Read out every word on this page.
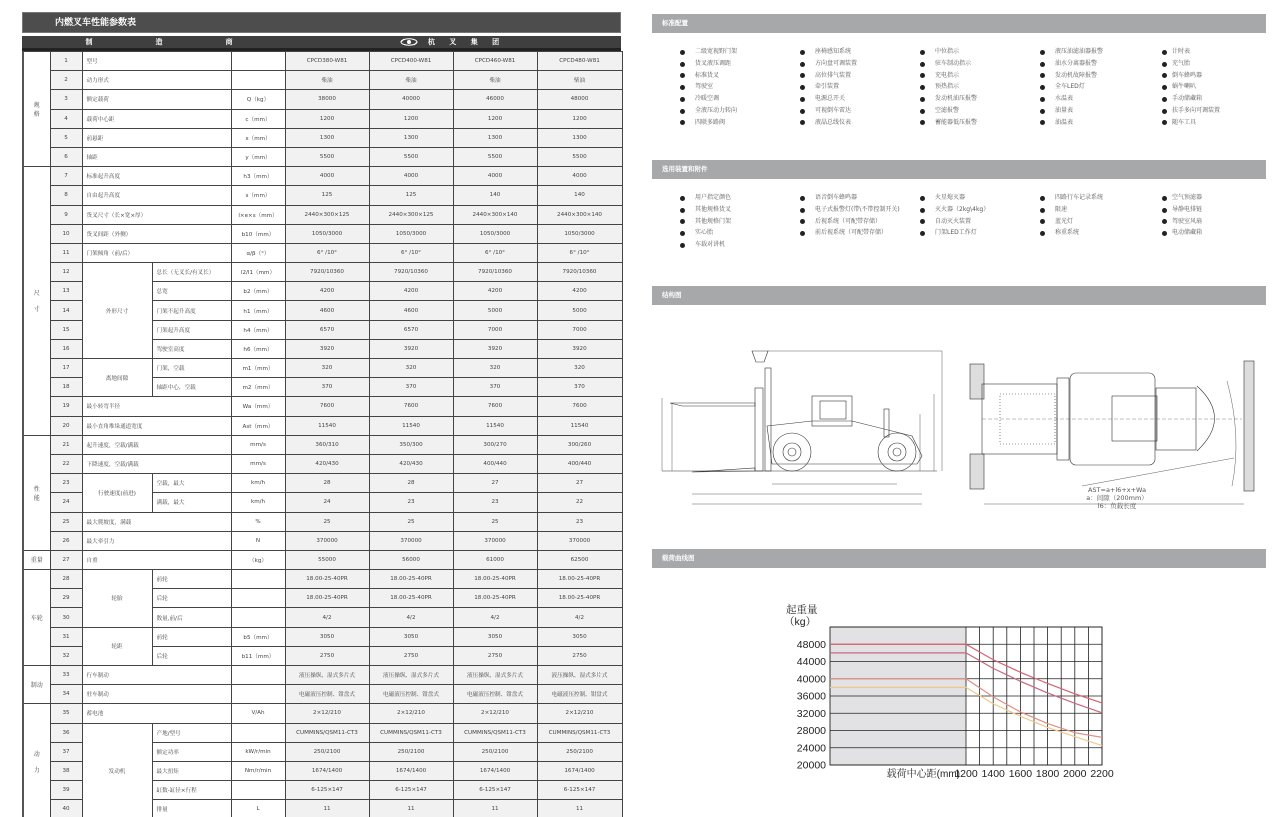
内燃叉车性能参数表
制　造　商	杭 叉 集 团
规
格	1	型号			CPCD380-W81	CPCD400-W81	CPCD460-W81	CPCD480-W81
	2	动力形式			柴油	柴油	柴油	柴油
	3	额定载荷		Q（kg）	38000	40000	46000	48000
	4	载荷中心距		c（mm）	1200	1200	1200	1200
	5	前悬距		x（mm）	1300	1300	1300	1300
	6	轴距		y（mm）	5500	5500	5500	5500
尺

寸	7	标准起升高度		h3（mm）	4000	4000	4000	4000
	8	自由起升高度		s（mm）	125	125	140	140
	9	货叉尺寸（长×宽×厚）		l×e×s（mm）	2440×300×125	2440×300×125	2440×300×140	2440×300×140
	10	货叉间距（外侧）		b10（mm）	1050/3000	1050/3000	1050/3000	1050/3000
	11	门架倾角（前/后）		α/β（°）	6° /10°	6° /10°	6° /10°	6° /10°
	12	外形尺寸	总长（无叉长/有叉长）	l2/l1（mm）	7920/10360	7920/10360	7920/10360	7920/10360
	13		总宽	b2（mm）	4200	4200	4200	4200
	14		门架不起升高度	h1（mm）	4600	4600	5000	5000
	15		门架起升高度	h4（mm）	6570	6570	7000	7000
	16		驾驶室高度	h6（mm）	3920	3920	3920	3920
	17	离地间隙	门架，空载	m1（mm）	320	320	320	320
	18		轴距中心，空载	m2（mm）	370	370	370	370
	19	最小转弯半径		Wa（mm）	7600	7600	7600	7600
	20	最小直角堆垛通道宽度		Ast（mm）	11540	11540	11540	11540
性
能	21	起升速度，空载/满载		mm/s	360/310	350/300	300/270	300/260
	22	下降速度，空载/满载		mm/s	420/430	420/430	400/440	400/440
	23	行驶速度(前进)	空载，最大	km/h	28	28	27	27
	24		满载，最大	km/h	24	23	23	22
	25	最大爬坡度，满载		%	25	25	25	23
	26	最大牵引力		N	370000	370000	370000	370000
重量	27	自重		（kg）	55000	56000	61000	62500
车轮	28	轮胎	前轮		18.00-25-40PR	18.00-25-40PR	18.00-25-40PR	18.00-25-40PR
	29		后轮		18.00-25-40PR	18.00-25-40PR	18.00-25-40PR	18.00-25-40PR
	30		数量,前/后		4/2	4/2	4/2	4/2
	31	轮距	前轮	b5（mm）	3050	3050	3050	3050
	32		后轮	b11（mm）	2750	2750	2750	2750
制动	33	行车制动			液压操纵、湿式多片式	液压操纵、湿式多片式	液压操纵、湿式多片式	液压操纵、湿式多片式
	34	驻车制动			电磁液压控制、钳盘式	电磁液压控制、钳盘式	电磁液压控制、钳盘式	电磁液压控制、钳盘式
动

力	35	蓄电池		V/Ah	2×12/210	2×12/210	2×12/210	2×12/210
	36	发动机	产地/型号		CUMMINS/QSM11-CT3	CUMMINS/QSM11-CT3	CUMMINS/QSM11-CT3	CUMMINS/QSM11-CT3
	37		额定功率	kW/r/min	250/2100	250/2100	250/2100	250/2100
	38		最大扭矩	Nm/r/min	1674/1400	1674/1400	1674/1400	1674/1400
	39		缸数-缸径×行程		6-125×147	6-125×147	6-125×147	6-125×147
	40		排量	L	11	11	11	11
标准配置
二级宽视野门架	座椅感知系统	中位指示	液压油滤油器报警	计时表
货叉液压调距	方向盘可调装置	驻车制动指示	油水分离器报警	充气胎
标准货叉	高位排气装置	充电指示	发动机故障报警	倒车蜂鸣器
驾驶室	牵引装置	预热指示	全车LED灯	蜗牛喇叭
冷暖空调	电源总开关	发动机油压报警	水温表	手动储藏箱
全液压动力转向	可视倒车雷达	空滤报警	油量表	扶手多向可调装置
四联多路阀	液晶总线仪表	蓄能器低压报警	油温表	随车工具
选用装置和附件
用户指定颜色	语音倒车蜂鸣器	火星熄灭器	四路行车记录系统	空气预滤器
其他规格货叉	电子式报警灯(带\不带控制开关)	灭火器（2kg\4kg）	限速	导静电排链
其他规格门架	后视系统（可配带存储）	自动灭火装置	蓝光灯	驾驶室风扇
实心胎	前后视系统（可配带存储）	门架LED工作灯	称重系统	电动储藏箱
车载对讲机
结构图
AST=a+l6+x+Wa
a：间隙（200mm）
l6：负载长度
载荷曲线图
20000
24000
28000
32000
36000
40000
44000
48000
1200 1400 1600 1800 2000 2200
载荷中心距(mm)
起重量
（kg）
